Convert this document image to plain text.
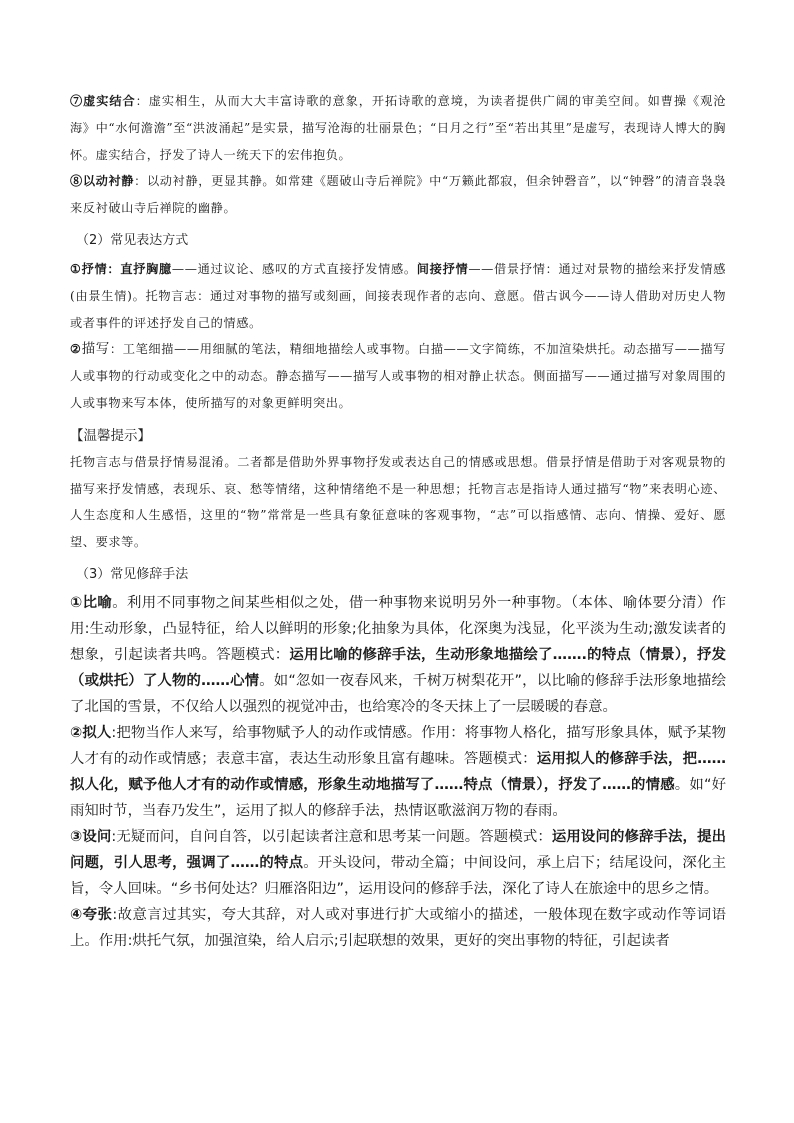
⑦虚实结合：虚实相生，从而大大丰富诗歌的意象，开拓诗歌的意境，为读者提供广阔的审美空间。如曹操《观沧海》中“水何澹澹”至“洪波涌起”是实景，描写沧海的壮丽景色；“日月之行”至“若出其里”是虚写，表现诗人博大的胸怀。虚实结合，抒发了诗人一统天下的宏伟抱负。

⑧以动衬静：以动衬静，更显其静。如常建《题破山寺后禅院》中“万籁此都寂，但余钟磬音”，以“钟磬”的清音袅袅来反衬破山寺后禅院的幽静。

（2）常见表达方式

①抒情：直抒胸臆——通过议论、感叹的方式直接抒发情感。间接抒情——借景抒情：通过对景物的描绘来抒发情感(由景生情)。托物言志：通过对事物的描写或刻画，间接表现作者的志向、意愿。借古讽今——诗人借助对历史人物或者事件的评述抒发自己的情感。

②描写：工笔细描——用细腻的笔法，精细地描绘人或事物。白描——文字简练，不加渲染烘托。动态描写——描写人或事物的行动或变化之中的动态。静态描写——描写人或事物的相对静止状态。侧面描写——通过描写对象周围的人或事物来写本体，使所描写的对象更鲜明突出。

【温馨提示】

托物言志与借景抒情易混淆。二者都是借助外界事物抒发或表达自己的情感或思想。借景抒情是借助于对客观景物的描写来抒发情感，表现乐、哀、愁等情绪，这种情绪绝不是一种思想；托物言志是指诗人通过描写“物”来表明心迹、人生态度和人生感悟，这里的“物”常常是一些具有象征意味的客观事物，“志”可以指感情、志向、情操、爱好、愿望、要求等。

（3）常见修辞手法

①比喻。利用不同事物之间某些相似之处，借一种事物来说明另外一种事物。（本体、喻体要分清）作用:生动形象，凸显特征，给人以鲜明的形象;化抽象为具体，化深奥为浅显，化平淡为生动;激发读者的想象，引起读者共鸣。答题模式：运用比喻的修辞手法，生动形象地描绘了…….的特点（情景），抒发（或烘托）了人物的……心情。如“忽如一夜春风来，千树万树梨花开”，以比喻的修辞手法形象地描绘了北国的雪景，不仅给人以强烈的视觉冲击，也给寒冷的冬天抹上了一层暖暖的春意。

②拟人:把物当作人来写，给事物赋予人的动作或情感。作用：将事物人格化，描写形象具体，赋予某物人才有的动作或情感；表意丰富，表达生动形象且富有趣味。答题模式：运用拟人的修辞手法，把……拟人化，赋予他人才有的动作或情感，形象生动地描写了……特点（情景），抒发了……的情感。如“好雨知时节，当春乃发生”，运用了拟人的修辞手法，热情讴歌滋润万物的春雨。

③设问:无疑而问，自问自答，以引起读者注意和思考某一问题。答题模式：运用设问的修辞手法，提出问题，引人思考，强调了……的特点。开头设问，带动全篇；中间设问，承上启下；结尾设问，深化主旨，令人回味。“乡书何处达？归雁洛阳边”，运用设问的修辞手法，深化了诗人在旅途中的思乡之情。

④夸张:故意言过其实，夸大其辞，对人或对事进行扩大或缩小的描述，一般体现在数字或动作等词语上。作用:烘托气氛，加强渲染，给人启示;引起联想的效果，更好的突出事物的特征，引起读者
